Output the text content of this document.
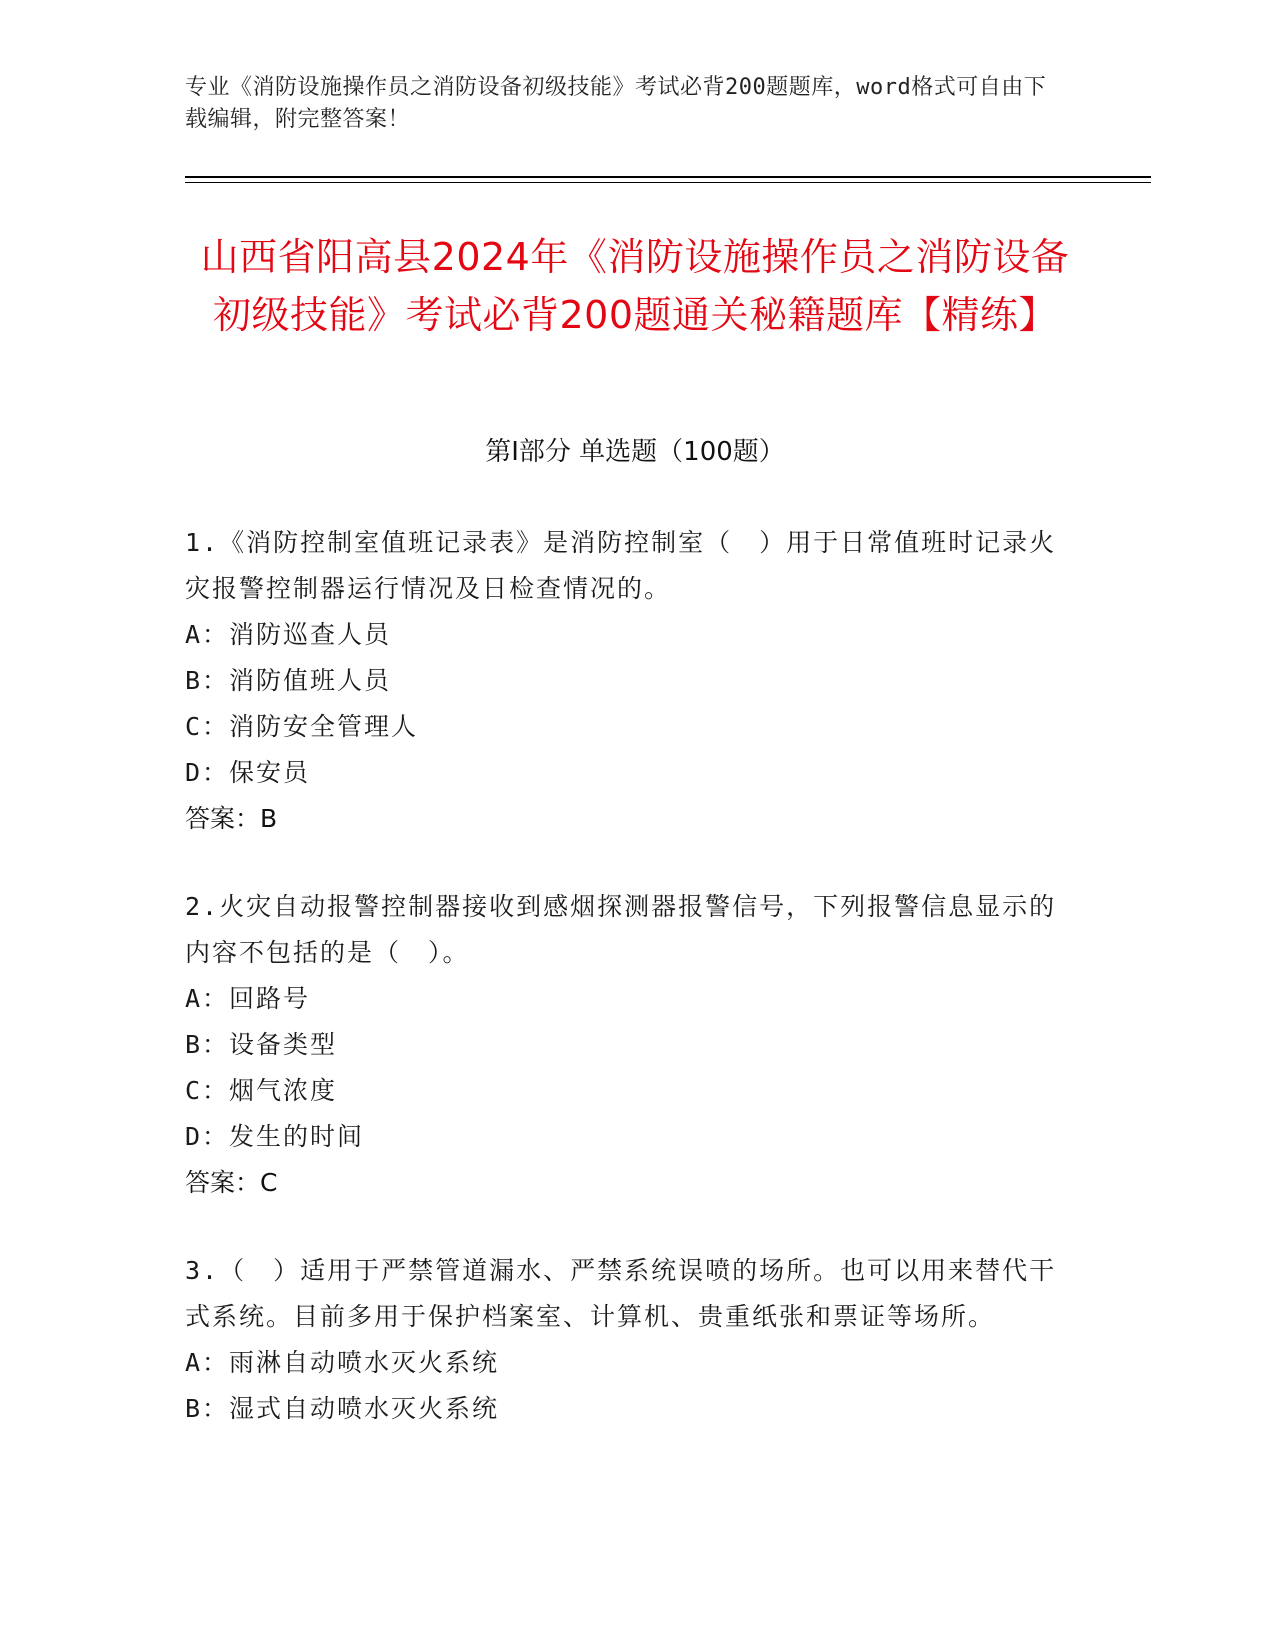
专业《消防设施操作员之消防设备初级技能》考试必背200题题库，word格式可自由下载编辑，附完整答案！
山西省阳高县2024年《消防设施操作员之消防设备初级技能》考试必背200题通关秘籍题库【精练】
第Ⅰ部分 单选题（100题）

1.《消防控制室值班记录表》是消防控制室（　）用于日常值班时记录火灾报警控制器运行情况及日检查情况的。

A：消防巡查人员

B：消防值班人员

C：消防安全管理人

D：保安员

答案：B

2.火灾自动报警控制器接收到感烟探测器报警信号，下列报警信息显示的内容不包括的是（　）。

A：回路号

B：设备类型

C：烟气浓度

D：发生的时间

答案：C

3.（　）适用于严禁管道漏水、严禁系统误喷的场所。也可以用来替代干式系统。目前多用于保护档案室、计算机、贵重纸张和票证等场所。

A：雨淋自动喷水灭火系统

B：湿式自动喷水灭火系统
